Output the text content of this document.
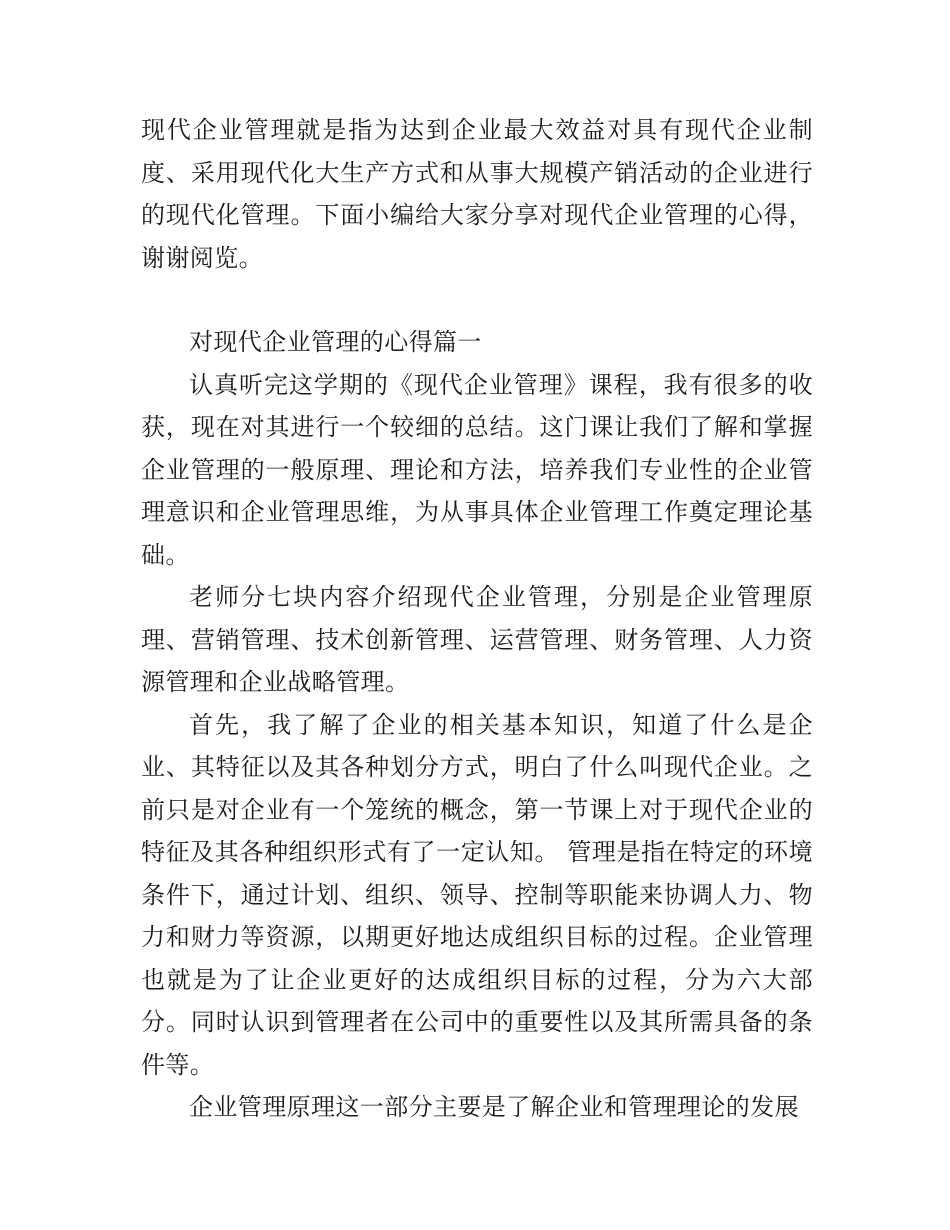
现代企业管理就是指为达到企业最大效益对具有现代企业制度、采用现代化大生产方式和从事大规模产销活动的企业进行的现代化管理。下面小编给大家分享对现代企业管理的心得，谢谢阅览。

对现代企业管理的心得篇一

认真听完这学期的《现代企业管理》课程，我有很多的收获，现在对其进行一个较细的总结。这门课让我们了解和掌握企业管理的一般原理、理论和方法，培养我们专业性的企业管理意识和企业管理思维，为从事具体企业管理工作奠定理论基础。

老师分七块内容介绍现代企业管理，分别是企业管理原理、营销管理、技术创新管理、运营管理、财务管理、人力资源管理和企业战略管理。

首先，我了解了企业的相关基本知识，知道了什么是企业、其特征以及其各种划分方式，明白了什么叫现代企业。之前只是对企业有一个笼统的概念，第一节课上对于现代企业的特征及其各种组织形式有了一定认知。 管理是指在特定的环境条件下，通过计划、组织、领导、控制等职能来协调人力、物力和财力等资源，以期更好地达成组织目标的过程。企业管理也就是为了让企业更好的达成组织目标的过程，分为六大部分。同时认识到管理者在公司中的重要性以及其所需具备的条件等。

企业管理原理这一部分主要是了解企业和管理理论的发展
